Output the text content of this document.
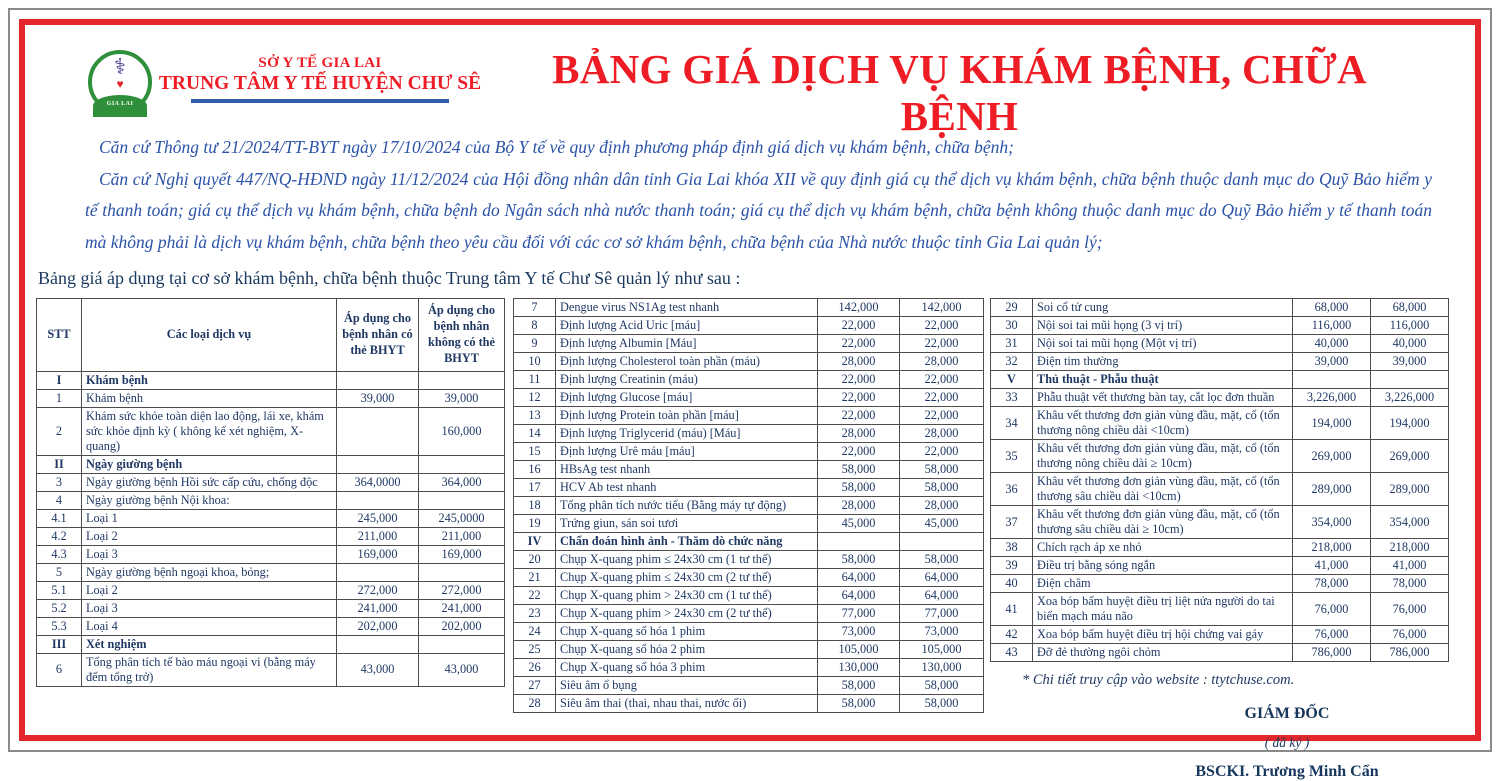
⚕
♥
GIA LAI
SỞ Y TẾ GIA LAI
TRUNG TÂM Y TẾ HUYỆN CHƯ SÊ	BẢNG GIÁ DỊCH VỤ KHÁM BỆNH, CHỮA BỆNH

Căn cứ Thông tư 21/2024/TT-BYT ngày 17/10/2024 của Bộ Y tế về quy định phương pháp định giá dịch vụ khám bệnh, chữa bệnh;

Căn cứ Nghị quyết 447/NQ-HĐND ngày 11/12/2024 của Hội đồng nhân dân tỉnh Gia Lai khóa XII về quy định giá cụ thể dịch vụ khám bệnh, chữa bệnh thuộc danh mục do Quỹ Bảo hiểm y tế thanh toán; giá cụ thể dịch vụ khám bệnh, chữa bệnh do Ngân sách nhà nước thanh toán; giá cụ thể dịch vụ khám bệnh, chữa bệnh không thuộc danh mục do Quỹ Bảo hiểm y tế thanh toán mà không phải là dịch vụ khám bệnh, chữa bệnh theo yêu cầu đối với các cơ sở khám bệnh, chữa bệnh của Nhà nước thuộc tỉnh Gia Lai quản lý;

Bảng giá áp dụng tại cơ sở khám bệnh, chữa bệnh thuộc Trung tâm Y tế Chư Sê quản lý như sau :

STT	Các loại dịch vụ	Áp dụng cho bệnh nhân có thẻ BHYT	Áp dụng cho bệnh nhân không có thẻ BHYT
I	Khám bệnh		
1	Khám bệnh	39,000	39,000
2	Khám sức khỏe toàn diện lao động, lái xe, khám sức khỏe định kỳ ( không kể xét nghiệm, X-quang)		160,000
II	Ngày giường bệnh		
3	Ngày giường bệnh Hồi sức cấp cứu, chống độc	364,0000	364,000
4	Ngày giường bệnh Nội khoa:		
4.1	Loại 1	245,000	245,0000
4.2	Loại 2	211,000	211,000
4.3	Loại 3	169,000	169,000
5	Ngày giường bệnh ngoại khoa, bỏng;		
5.1	Loại 2	272,000	272,000
5.2	Loại 3	241,000	241,000
5.3	Loại 4	202,000	202,000
III	Xét nghiệm		
6	Tổng phân tích tế bào máu ngoại vi (bằng máy đếm tổng trở)	43,000	43,000
7	Dengue virus NS1Ag test nhanh	142,000	142,000
8	Định lượng Acid Uric [máu]	22,000	22,000
9	Định lượng Albumin [Máu]	22,000	22,000
10	Định lượng Cholesterol toàn phần (máu)	28,000	28,000
11	Định lượng Creatinin (máu)	22,000	22,000
12	Định lượng Glucose [máu]	22,000	22,000
13	Định lượng Protein toàn phần [máu]	22,000	22,000
14	Định lượng Triglycerid (máu) [Máu]	28,000	28,000
15	Định lượng Urê máu [máu]	22,000	22,000
16	HBsAg test nhanh	58,000	58,000
17	HCV Ab test nhanh	58,000	58,000
18	Tổng phân tích nước tiểu (Bằng máy tự động)	28,000	28,000
19	Trứng giun, sán soi tươi	45,000	45,000
IV	Chẩn đoán hình ảnh - Thăm dò chức năng		
20	Chụp X-quang phim ≤ 24x30 cm (1 tư thế)	58,000	58,000
21	Chụp X-quang phim ≤ 24x30 cm (2 tư thế)	64,000	64,000
22	Chụp X-quang phim > 24x30 cm (1 tư thế)	64,000	64,000
23	Chụp X-quang phim > 24x30 cm (2 tư thế)	77,000	77,000
24	Chụp X-quang số hóa 1 phim	73,000	73,000
25	Chụp X-quang số hóa 2 phim	105,000	105,000
26	Chụp X-quang số hóa 3 phim	130,000	130,000
27	Siêu âm ổ bụng	58,000	58,000
28	Siêu âm thai (thai, nhau thai, nước ối)	58,000	58,000
29	Soi cổ tử cung	68,000	68,000
30	Nội soi tai mũi họng (3 vị trí)	116,000	116,000
31	Nội soi tai mũi họng (Một vị trí)	40,000	40,000
32	Điện tim thường	39,000	39,000
V	Thủ thuật - Phẫu thuật		
33	Phẫu thuật vết thương bàn tay, cắt lọc đơn thuần	3,226,000	3,226,000
34	Khâu vết thương đơn giản vùng đầu, mặt, cổ (tổn thương nông chiều dài <10cm)	194,000	194,000
35	Khâu vết thương đơn giản vùng đầu, mặt, cổ (tổn thương nông chiều dài ≥ 10cm)	269,000	269,000
36	Khâu vết thương đơn giản vùng đầu, mặt, cổ (tổn thương sâu chiều dài <10cm)	289,000	289,000
37	Khâu vết thương đơn giản vùng đầu, mặt, cổ (tổn thương sâu chiều dài ≥ 10cm)	354,000	354,000
38	Chích rạch áp xe nhỏ	218,000	218,000
39	Điều trị bằng sóng ngắn	41,000	41,000
40	Điện châm	78,000	78,000
41	Xoa bóp bấm huyệt điều trị liệt nửa người do tai biến mạch máu não	76,000	76,000
42	Xoa bóp bấm huyệt điều trị hội chứng vai gáy	76,000	76,000
43	Đỡ đẻ thường ngôi chỏm	786,000	786,000

* Chi tiết truy cập vào website : ttytchuse.com.

GIÁM ĐỐC
( đã ký )
BSCKI. Trương Minh Cẩn
